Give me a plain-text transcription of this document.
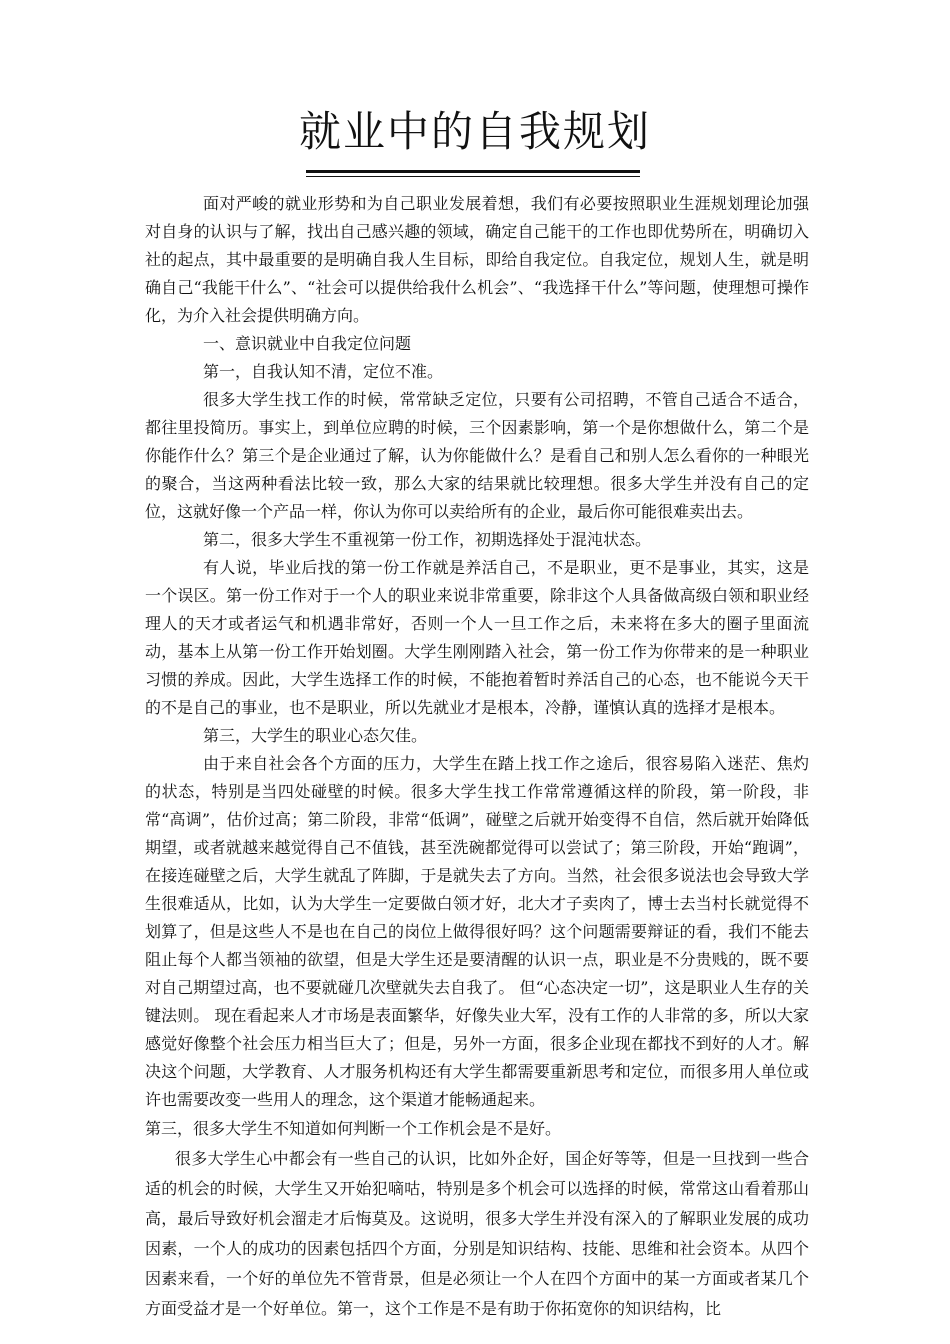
就业中的自我规划

面对严峻的就业形势和为自己职业发展着想，我们有必要按照职业生涯规划理论加强对自身的认识与了解，找出自己感兴趣的领域，确定自己能干的工作也即优势所在，明确切入社的起点，其中最重要的是明确自我人生目标，即给自我定位。自我定位，规划人生，就是明确自己“我能干什么”、“社会可以提供给我什么机会”、“我选择干什么”等问题，使理想可操作化，为介入社会提供明确方向。

一、意识就业中自我定位问题

第一，自我认知不清，定位不准。

很多大学生找工作的时候，常常缺乏定位，只要有公司招聘，不管自己适合不适合，都往里投简历。事实上，到单位应聘的时候，三个因素影响，第一个是你想做什么，第二个是你能作什么？第三个是企业通过了解，认为你能做什么？是看自己和别人怎么看你的一种眼光的聚合，当这两种看法比较一致，那么大家的结果就比较理想。很多大学生并没有自己的定位，这就好像一个产品一样，你认为你可以卖给所有的企业，最后你可能很难卖出去。

第二，很多大学生不重视第一份工作，初期选择处于混沌状态。

有人说，毕业后找的第一份工作就是养活自己，不是职业，更不是事业，其实，这是一个误区。第一份工作对于一个人的职业来说非常重要，除非这个人具备做高级白领和职业经理人的天才或者运气和机遇非常好，否则一个人一旦工作之后，未来将在多大的圈子里面流动，基本上从第一份工作开始划圈。大学生刚刚踏入社会，第一份工作为你带来的是一种职业习惯的养成。因此，大学生选择工作的时候，不能抱着暂时养活自己的心态，也不能说今天干的不是自己的事业，也不是职业，所以先就业才是根本，冷静，谨慎认真的选择才是根本。

第三，大学生的职业心态欠佳。

由于来自社会各个方面的压力，大学生在踏上找工作之途后，很容易陷入迷茫、焦灼的状态，特别是当四处碰壁的时候。很多大学生找工作常常遵循这样的阶段，第一阶段，非常“高调”，估价过高；第二阶段，非常“低调”，碰壁之后就开始变得不自信，然后就开始降低期望，或者就越来越觉得自己不值钱，甚至洗碗都觉得可以尝试了；第三阶段，开始“跑调”，在接连碰壁之后，大学生就乱了阵脚，于是就失去了方向。当然，社会很多说法也会导致大学生很难适从，比如，认为大学生一定要做白领才好，北大才子卖肉了，博士去当村长就觉得不划算了，但是这些人不是也在自己的岗位上做得很好吗？这个问题需要辩证的看，我们不能去阻止每个人都当领袖的欲望，但是大学生还是要清醒的认识一点，职业是不分贵贱的，既不要对自己期望过高，也不要就碰几次壁就失去自我了。 但“心态决定一切”，这是职业人生存的关键法则。 现在看起来人才市场是表面繁华，好像失业大军，没有工作的人非常的多，所以大家感觉好像整个社会压力相当巨大了；但是，另外一方面，很多企业现在都找不到好的人才。解决这个问题，大学教育、人才服务机构还有大学生都需要重新思考和定位，而很多用人单位或许也需要改变一些用人的理念，这个渠道才能畅通起来。

第三，很多大学生不知道如何判断一个工作机会是不是好。

很多大学生心中都会有一些自己的认识，比如外企好，国企好等等，但是一旦找到一些合适的机会的时候，大学生又开始犯嘀咕，特别是多个机会可以选择的时候，常常这山看着那山高，最后导致好机会溜走才后悔莫及。这说明，很多大学生并没有深入的了解职业发展的成功因素，一个人的成功的因素包括四个方面，分别是知识结构、技能、思维和社会资本。从四个因素来看，一个好的单位先不管背景，但是必须让一个人在四个方面中的某一方面或者某几个方面受益才是一个好单位。第一，这个工作是不是有助于你拓宽你的知识结构，比
